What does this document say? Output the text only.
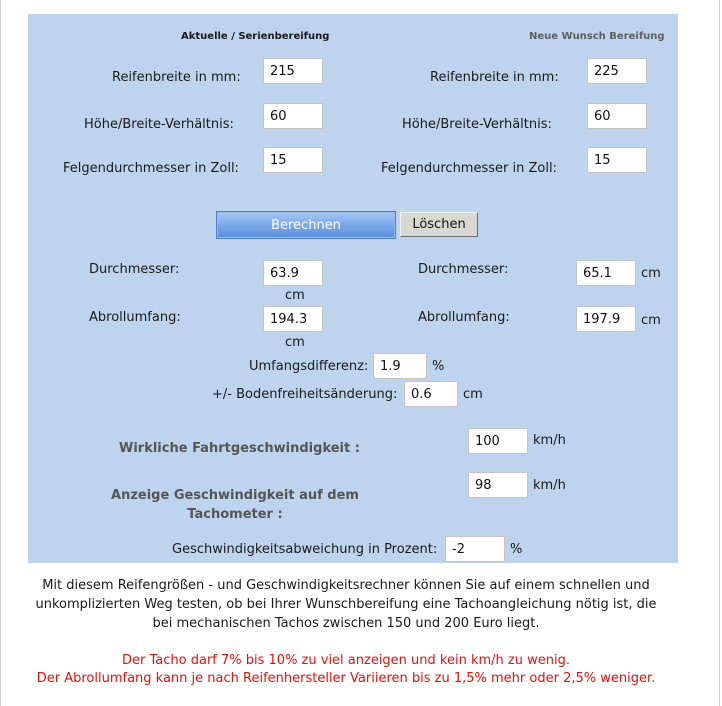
Aktuelle / Serienbereifung	Neue Wunsch Bereifung
Reifenbreite in mm:
215
Höhe/Breite-Verhältnis:
60
Felgendurchmesser in Zoll:
15
Reifenbreite in mm:
225
Höhe/Breite-Verhältnis:
60
Felgendurchmesser in Zoll:
15
Berechnen	Löschen
Durchmesser:
63.9
cm
Abrollumfang:
194.3
cm
Durchmesser:
65.1	cm
Abrollumfang:
197.9	cm
Umfangsdifferenz:
1.9	%
+/- Bodenfreiheitsänderung:
0.6	cm
Wirkliche Fahrtgeschwindigkeit :
100
km/h
Anzeige Geschwindigkeit auf dem
Tachometer :
98
km/h
Geschwindigkeitsabweichung in Prozent:
-2	%
Mit diesem Reifengrößen - und Geschwindigkeitsrechner können Sie auf einem schnellen und
unkomplizierten Weg testen, ob bei Ihrer Wunschbereifung eine Tachoangleichung nötig ist, die
bei mechanischen Tachos zwischen 150 und 200 Euro liegt.
Der Tacho darf 7% bis 10% zu viel anzeigen und kein km/h zu wenig.
Der Abrollumfang kann je nach Reifenhersteller Variieren bis zu 1,5% mehr oder 2,5% weniger.
